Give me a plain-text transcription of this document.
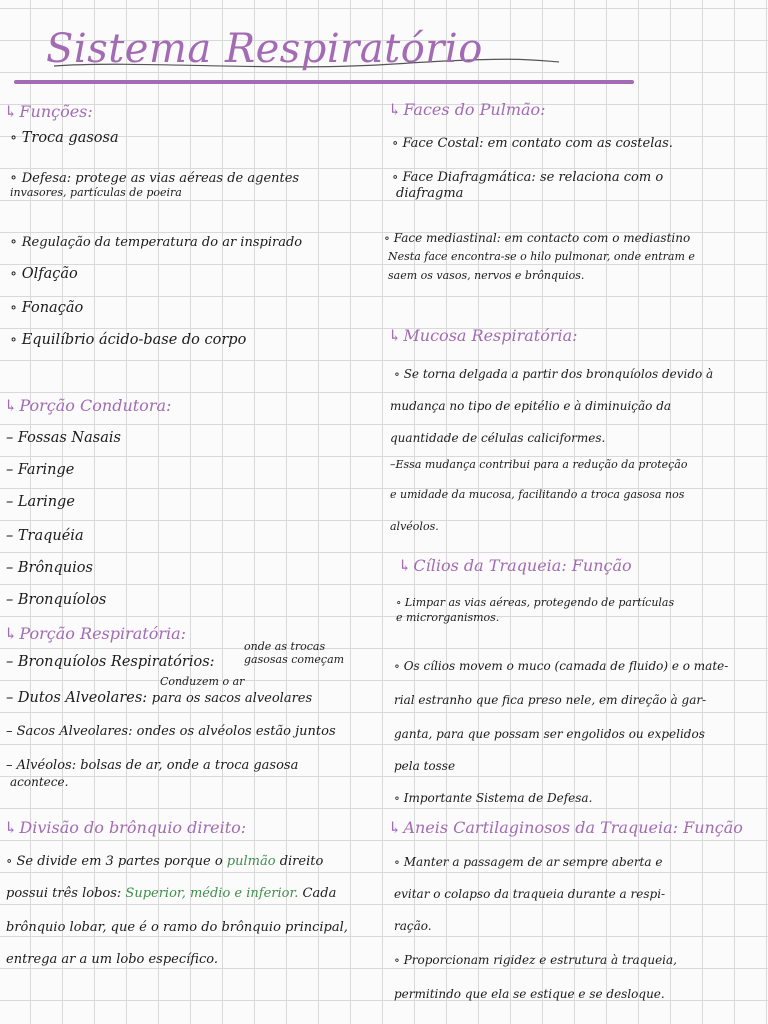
Sistema Respiratório
↳ Funções:
∘ Troca gasosa
∘ Defesa: protege as vias aéreas de agentes
invasores, partículas de poeira
∘ Regulação da temperatura do ar inspirado
∘ Olfação
∘ Fonação
∘ Equilíbrio ácido-base do corpo
↳ Porção Condutora:
– Fossas Nasais
– Faringe
– Laringe
– Traquéia
– Brônquios
– Bronquíolos
↳ Porção Respiratória:
onde as trocas
gasosas começam
– Bronquíolos Respiratórios:
Conduzem o ar
– Dutos Alveolares: para os sacos alveolares
– Sacos Alveolares: ondes os alvéolos estão juntos
– Alvéolos: bolsas de ar, onde a troca gasosa
acontece.
↳ Divisão do brônquio direito:
∘ Se divide em 3 partes porque o pulmão direito
possui três lobos: Superior, médio e inferior. Cada
brônquio lobar, que é o ramo do brônquio principal,
entrega ar a um lobo específico.
↳ Faces do Pulmão:
∘ Face Costal: em contato com as costelas.
∘ Face Diafragmática: se relaciona com o
diafragma
∘ Face mediastinal: em contacto com o mediastino
Nesta face encontra-se o hilo pulmonar, onde entram e
saem os vasos, nervos e brônquios.
↳ Mucosa Respiratória:
∘ Se torna delgada a partir dos bronquíolos devido à
mudança no tipo de epitélio e à diminuição da
quantidade de células caliciformes.
–Essa mudança contribui para a redução da proteção
e umidade da mucosa, facilitando a troca gasosa nos
alvéolos.
↳ Cílios da Traqueia: Função
∘ Limpar as vias aéreas, protegendo de partículas
e microrganismos.
∘ Os cílios movem o muco (camada de fluido) e o mate-
rial estranho que fica preso nele, em direção à gar-
ganta, para que possam ser engolidos ou expelidos
pela tosse
∘ Importante Sistema de Defesa.
↳ Aneis Cartilaginosos da Traqueia: Função
∘ Manter a passagem de ar sempre aberta e
evitar o colapso da traqueia durante a respi-
ração.
∘ Proporcionam rigidez e estrutura à traqueia,
permitindo que ela se estique e se desloque.
